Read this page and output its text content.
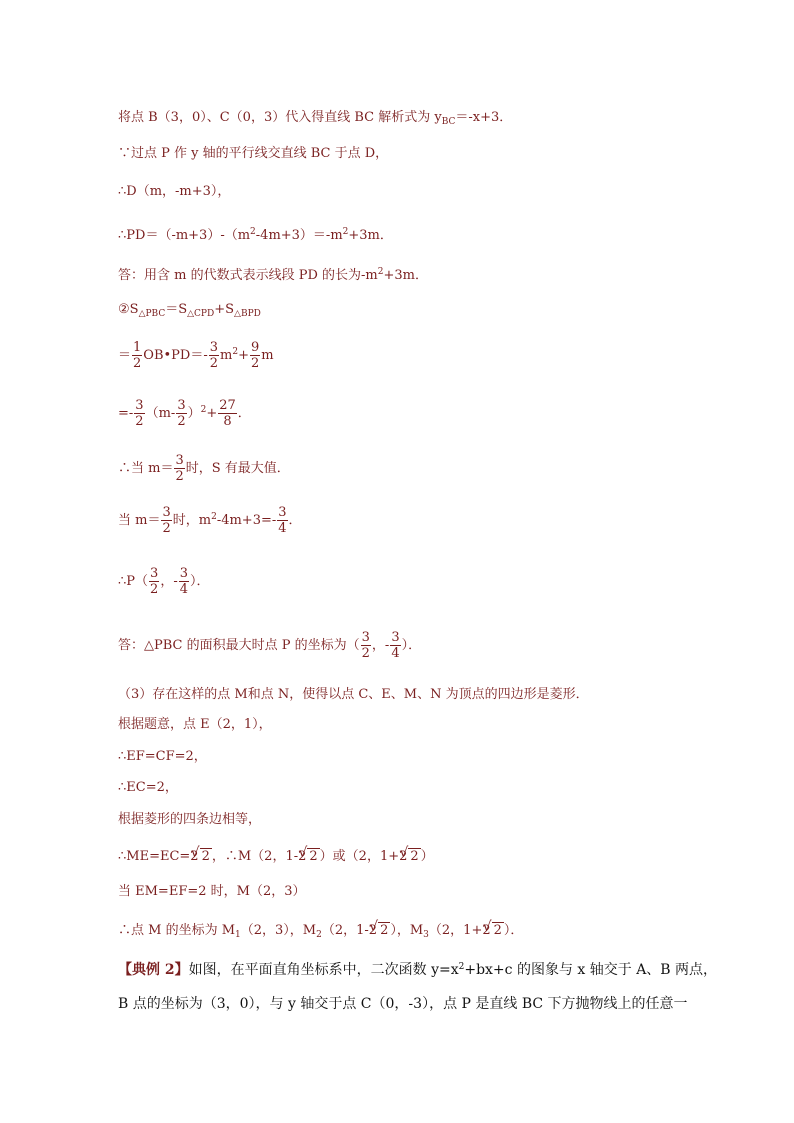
将点 B（3，0）、C（0，3）代入得直线 BC 解析式为 $y_{BC}=-x+3$．
∵过点 P 作 y 轴的平行线交直线 BC 于点 D，
∴D（m，-m+3），
$\therefore PD=(-m+3)-(m^2-4m+3)=-m^2+3m$．
答：用含 m 的代数式表示线段 PD 的长为$-m^2+3m$．
$②S_{\triangle PBC}=S_{\triangle CPD}+S_{\triangle BPD}$
＝ $\frac{1}{2}$ OB•PD＝- $\frac{3}{2} m^2+ \frac{9}{2}$ m
=- $\frac{3}{2} (m- \frac{3}{2} )^2+ \frac{27}{8}$ ．
∴当 $m= \frac{3}{2}$ 时，S 有最大值．
当 $m= \frac{3}{2}$ 时，$m^2-4m+3=- \frac{3}{4}$ ．
∴P（ $\frac{3}{2}$ ，- $\frac{3}{4}$ ）．
答：△PBC 的面积最大时点 P 的坐标为（ $\frac{3}{2}$ ，- $\frac{3}{4}$ ）．
（3）存在这样的点 M和点 N，使得以点 C、E、M、N 为顶点的四边形是菱形．
根据题意，点 E（2，1），
∴EF=CF=2，
∴EC=2，
根据菱形的四条边相等，
∴ME=EC=2 √ 2 ，∴M（2，1-2 √ 2 ）或（2，1+2 √ 2 ）
当 EM=EF=2 时，M（2，3）
∴点 M 的坐标为 $M_1(2$，3），$M_2(2$，1-2 √ 2 ），$M_3(2$，1+2 √ 2 ）．
【典例 2】如图，在平面直角坐标系中，二次函数 $y=x^2+bx+c$ 的图象与 x 轴交于 A、B 两点，
B 点的坐标为（3，0），与 y 轴交于点 C（0，-3），点 P 是直线 BC 下方抛物线上的任意一
